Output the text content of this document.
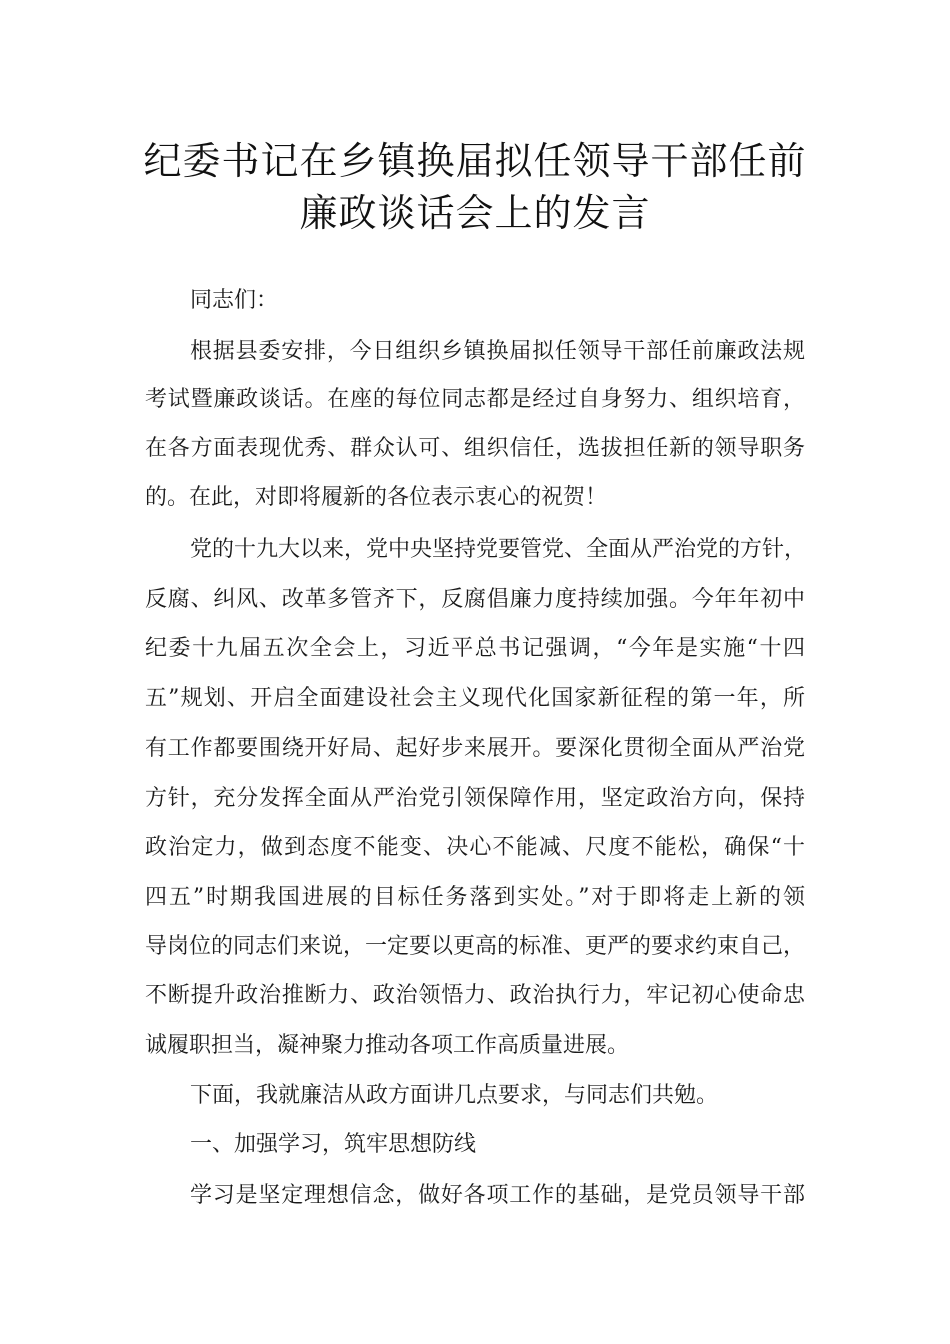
纪委书记在乡镇换届拟任领导干部任前
廉政谈话会上的发言
同志们：
根据县委安排，今日组织乡镇换届拟任领导干部任前廉政法规
考试暨廉政谈话。在座的每位同志都是经过自身努力、组织培育，
在各方面表现优秀、群众认可、组织信任，选拔担任新的领导职务
的。在此，对即将履新的各位表示衷心的祝贺！
党的十九大以来，党中央坚持党要管党、全面从严治党的方针，
反腐、纠风、改革多管齐下，反腐倡廉力度持续加强。今年年初中
纪委十九届五次全会上，习近平总书记强调，“今年是实施“十四
五”规划、开启全面建设社会主义现代化国家新征程的第一年，所
有工作都要围绕开好局、起好步来展开。要深化贯彻全面从严治党
方针，充分发挥全面从严治党引领保障作用，坚定政治方向，保持
政治定力，做到态度不能变、决心不能减、尺度不能松，确保“十
四五”时期我国进展的目标任务落到实处。”对于即将走上新的领
导岗位的同志们来说，一定要以更高的标准、更严的要求约束自己，
不断提升政治推断力、政治领悟力、政治执行力，牢记初心使命忠
诚履职担当，凝神聚力推动各项工作高质量进展。
下面，我就廉洁从政方面讲几点要求，与同志们共勉。
一、加强学习，筑牢思想防线
学习是坚定理想信念，做好各项工作的基础，是党员领导干部
